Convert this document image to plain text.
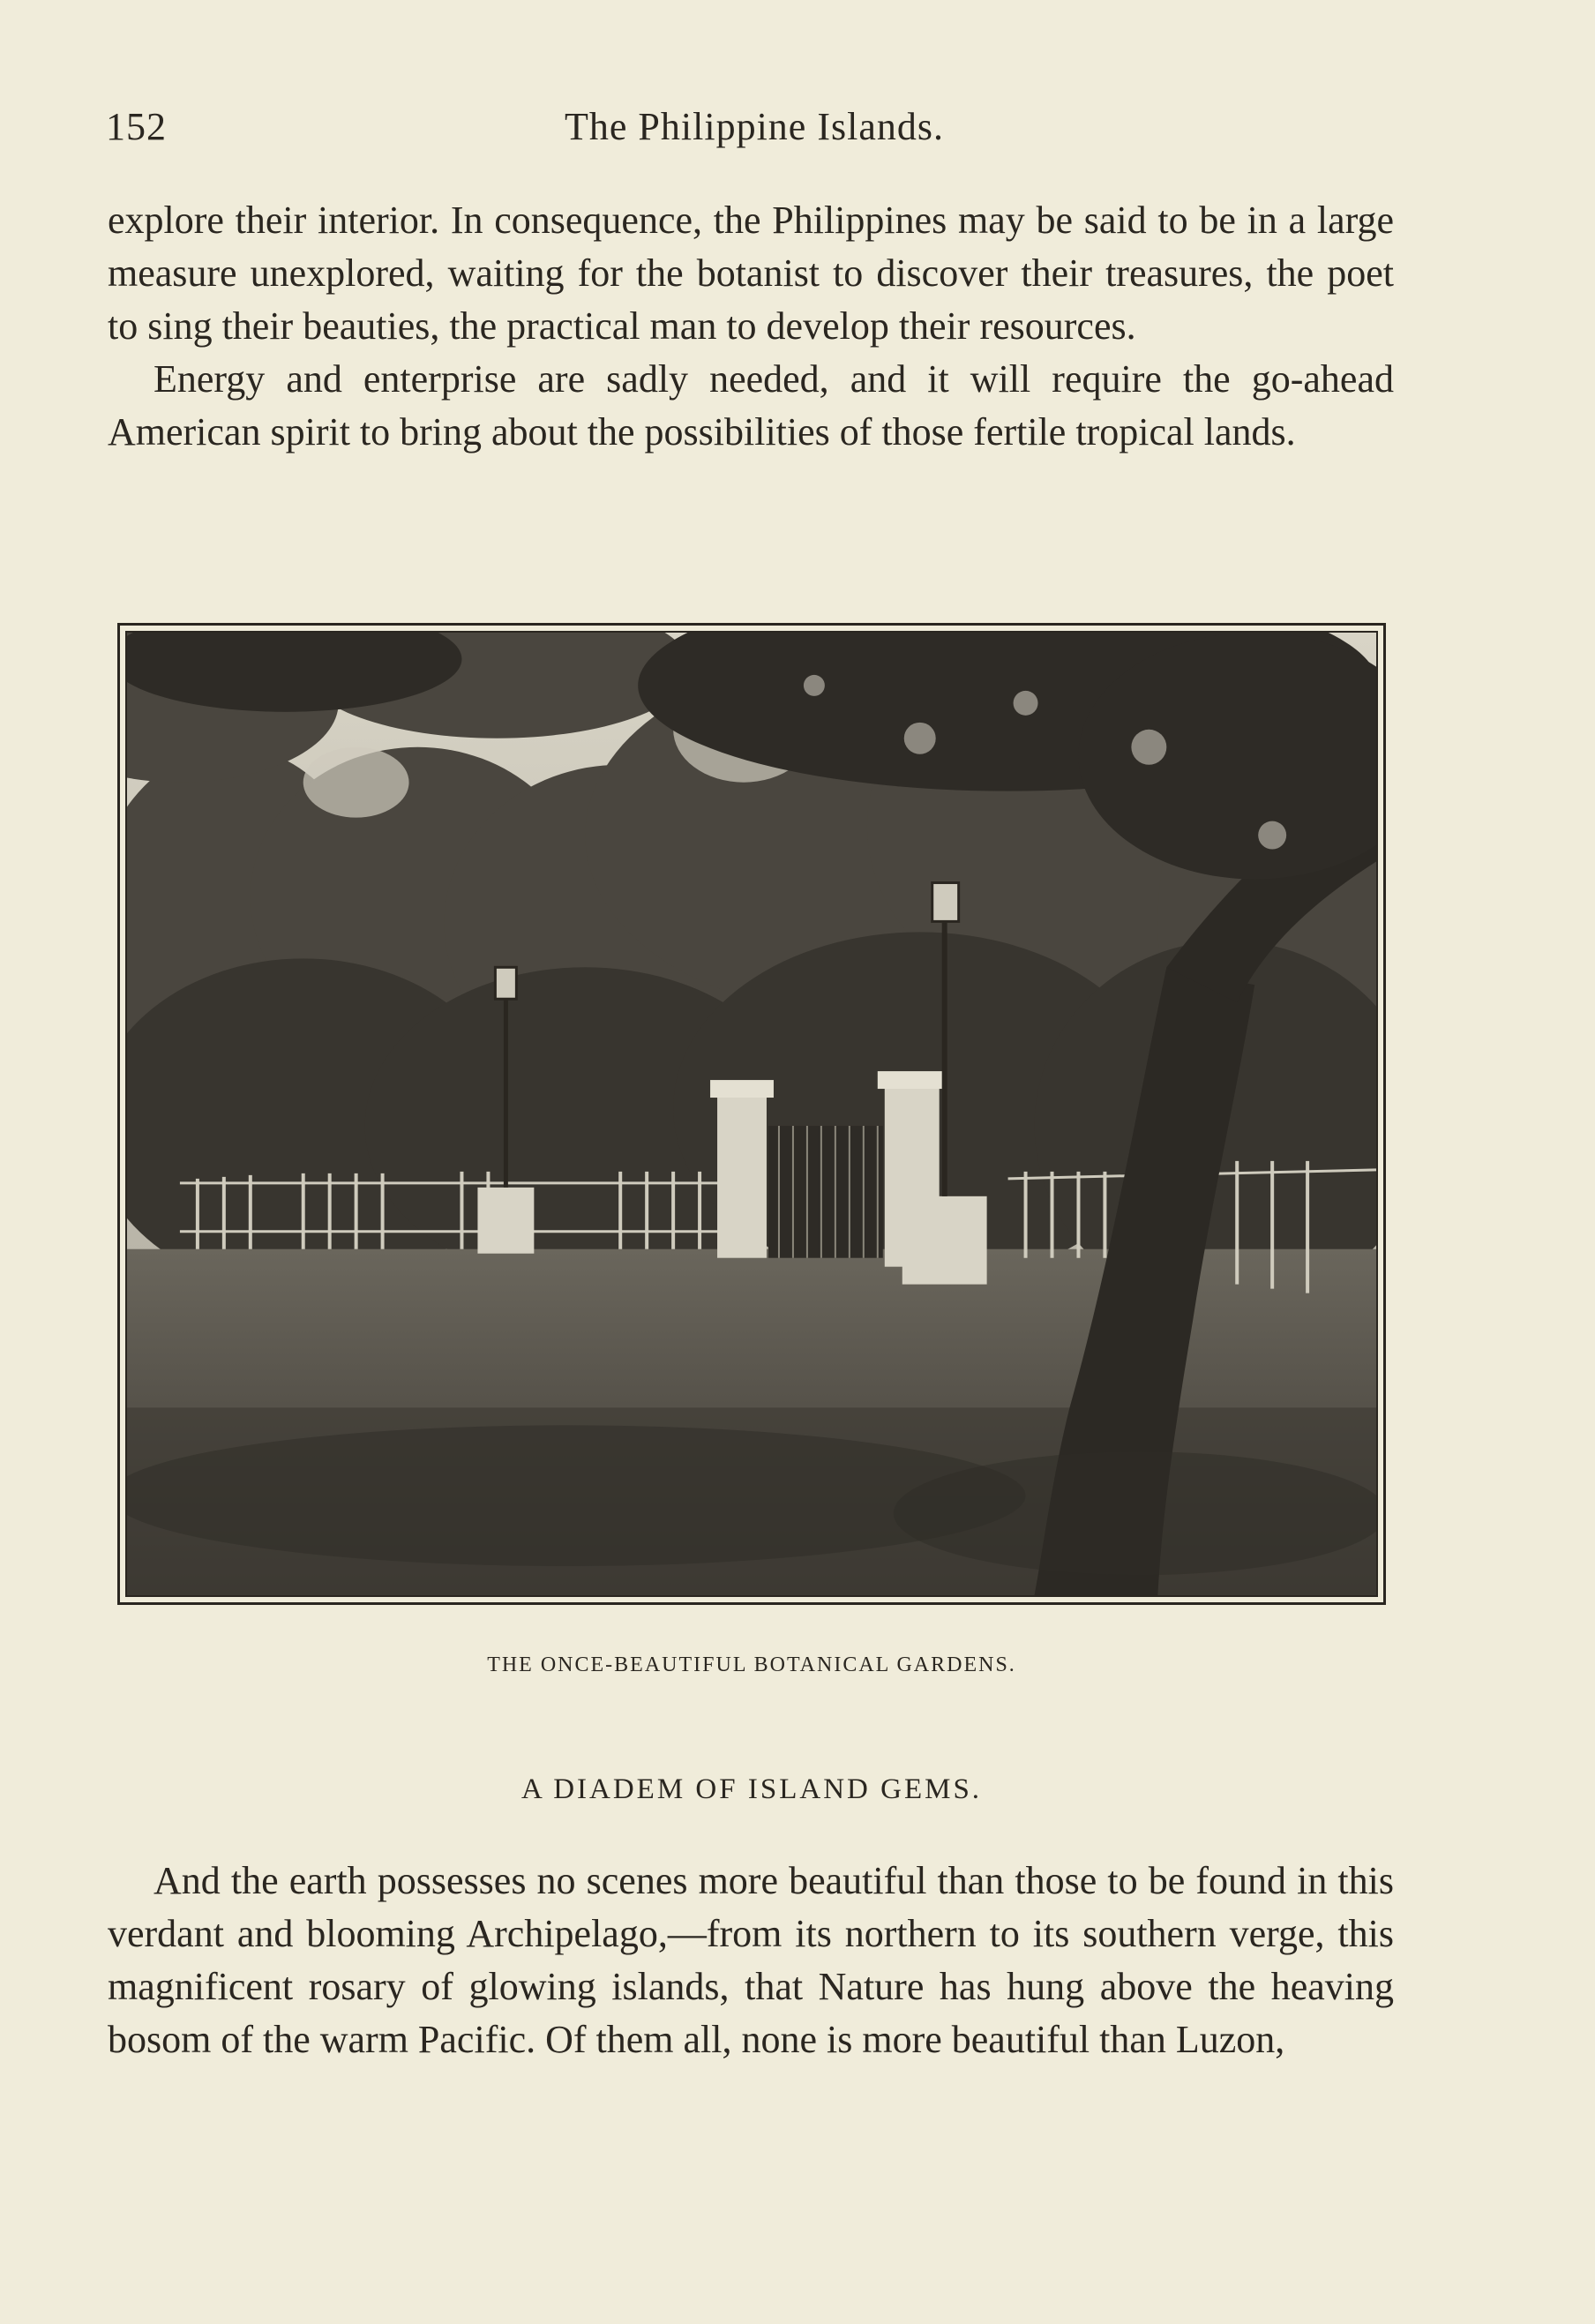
152	The Philippine Islands.

explore their interior. In consequence, the Philippines may be said to be in a large measure unexplored, waiting for the botanist to discover their treasures, the poet to sing their beauties, the practical man to develop their resources.

Energy and enterprise are sadly needed, and it will require the go-ahead American spirit to bring about the possibilities of those fertile tropical lands.

THE ONCE-BEAUTIFUL BOTANICAL GARDENS.
A DIADEM OF ISLAND GEMS.

And the earth possesses no scenes more beautiful than those to be found in this verdant and blooming Archipelago,—from its northern to its southern verge, this magnificent rosary of glowing islands, that Nature has hung above the heaving bosom of the warm Pacific. Of them all, none is more beautiful than Luzon,
